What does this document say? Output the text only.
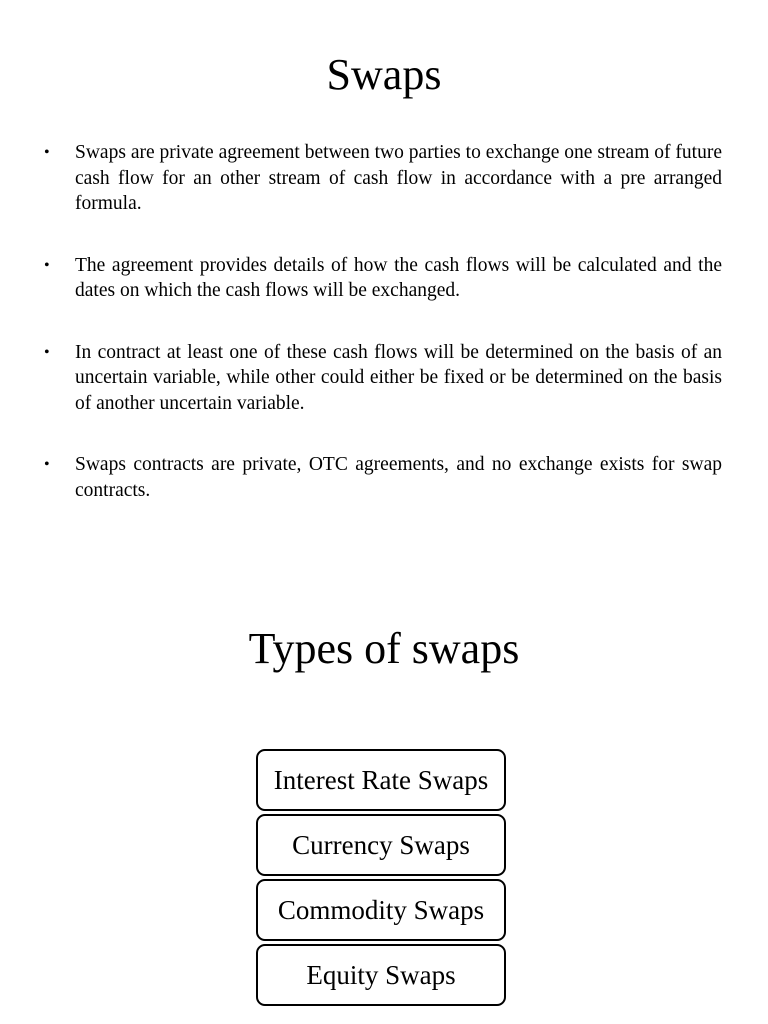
Swaps
• Swaps are private agreement between two parties to exchange one stream of future cash flow for an other stream of cash flow in accordance with a pre arranged formula.
• The agreement provides details of how the cash flows will be calculated and the dates on which the cash flows will be exchanged.
• In contract at least one of these cash flows will be determined on the basis of an uncertain variable, while other could either be fixed or be determined on the basis of another uncertain variable.
• Swaps contracts are private, OTC agreements, and no exchange exists for swap contracts.
Types of swaps
Interest Rate Swaps
Currency Swaps
Commodity Swaps
Equity Swaps
